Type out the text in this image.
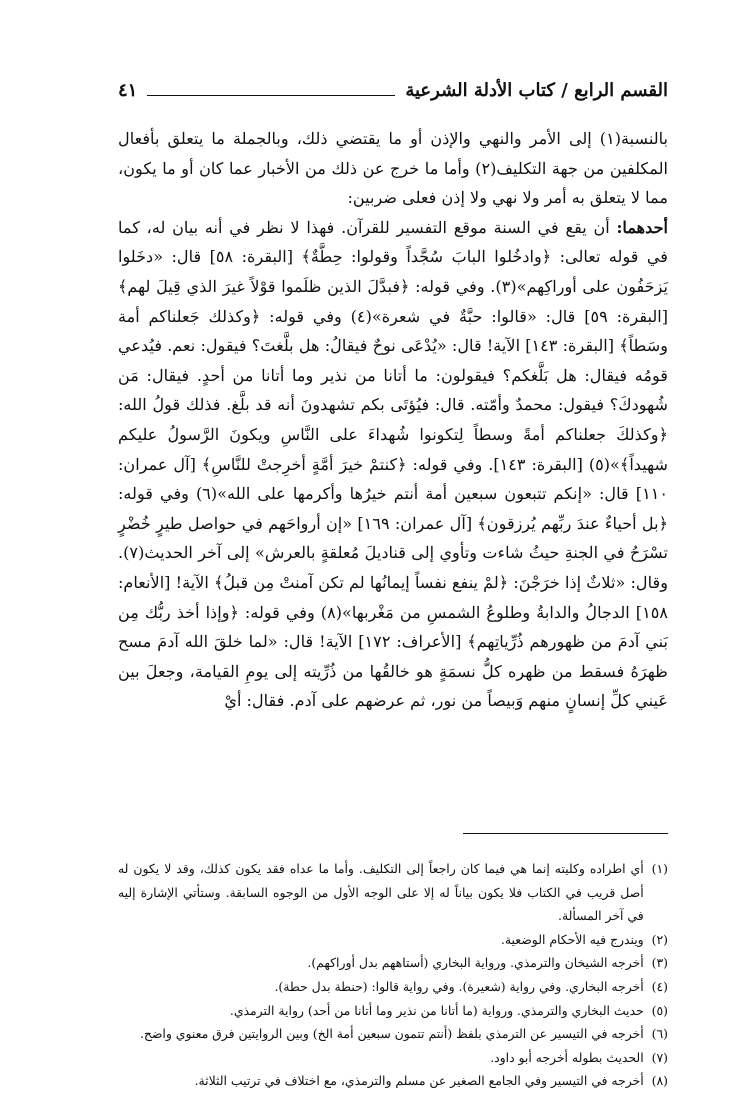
القسم الرابع / كتاب الأدلة الشرعية
٤١

بالنسبة(١) إلى الأمر والنهي والإذن أو ما يقتضي ذلك، وبالجملة ما يتعلق بأفعال المكلفين من جهة التكليف(٢) وأما ما خرج عن ذلك من الأخبار عما كان أو ما يكون، مما لا يتعلق به أمر ولا نهي ولا إذن فعلى ضربين:

أحدهما: أن يقع في السنة موقع التفسير للقرآن. فهذا لا نظر في أنه بيان له، كما في قوله تعالى: ﴿وادخُلوا البابَ سُجَّداً وقولوا: حِطَّةٌ﴾ [البقرة: ٥٨] قال: «دخَلوا يَزحَفُون على أوراكِهم»(٣). وفي قوله: ﴿فبدَّلَ الذين ظلَموا قوْلاً غيرَ الذي قِيلَ لهم﴾ [البقرة: ٥٩] قال: «قالوا: حبَّةٌ في شعرة»(٤) وفي قوله: ﴿وكذلك جَعلناكم أمة وسَطاً﴾ [البقرة: ١٤٣] الآية! قال: «يُدْعَى نوحٌ فيقالُ: هل بلَّغتَ؟ فيقول: نعم. فيُدعي قومُه فيقال: هل بَلَّغكم؟ فيقولون: ما أتانا من نذير وما أتانا من أحدٍ. فيقال: مَن شُهودكَ؟ فيقول: محمدٌ وأمّته. قال: فيُؤتَى بكم تشهدونَ أنه قد بلَّغ. فذلك قولُ الله: ﴿وكذلكَ جعلناكم أمةً وسطاً لِتكونوا شُهداءَ على النَّاسِ ويكونَ الرَّسولُ عليكم شهيداً﴾»(٥) [البقرة: ١٤٣]. وفي قوله: ﴿كنتمْ خيرَ أمَّةٍ أخرِجتْ للنَّاسِ﴾ [آل عمران: ١١٠] قال: «إنكم تتبعون سبعين أمة أنتم خيرُها وأكرمها على الله»(٦) وفي قوله: ﴿بل أحياءٌ عندَ ربِّهم يُرزقون﴾ [آل عمران: ١٦٩] «إن أرواحَهم في حواصل طيرٍ خُضْرٍ تسْرَحُ في الجنةِ حيثُ شاءت وتأوي إلى قناديلَ مُعلقةٍ بالعرش» إلى آخر الحديث(٧). وقال: «ثلاثٌ إذا خرَجْنَ: ﴿لمْ ينفع نفساً إيمانُها لم تكن آمنتْ مِن قبلُ﴾ الآية! [الأنعام: ١٥٨] الدجالُ والدابةُ وطلوعُ الشمسِ من مَغْربها»(٨) وفي قوله: ﴿وإذا أخذ ربُّك مِن بَني آدمَ من ظهورهم ذُرِّياتِهم﴾ [الأعراف: ١٧٢] الآية! قال: «لما خلقَ الله آدمَ مسح ظهرَهُ فسقط من ظهره كلُّ نسمَةٍ هو خالقُها من ذُرِّيته إلى يومِ القيامة، وجعلَ بين عَيني كلِّ إنسانٍ منهم وَبيصاً من نور، ثم عرضهم على آدم. فقال: أيْ

(١)
أي اطراده وكليته إنما هي فيما كان راجعاً إلى التكليف. وأما ما عداه فقد يكون كذلك، وقد لا يكون له أصل قريب في الكتاب فلا يكون بياناً له إلا على الوجه الأول من الوجوه السابقة. وستأتي الإشارة إليه في آخر المسألة.
(٢)
ويندرج فيه الأحكام الوضعية.
(٣)
أخرجه الشيخان والترمذي. ورواية البخاري (أستاههم بدل أوراكهم).
(٤)
أخرجه البخاري. وفي رواية (شعيرة). وفي رواية قالوا: (حنطة بدل حطة).
(٥)
حديث البخاري والترمذي. ورواية (ما أتانا من نذير وما أتانا من أحد) رواية الترمذي.
(٦)
أخرجه في التيسير عن الترمذي بلفظ (أنتم تتمون سبعين أمة الخ) وبين الروايتين فرق معنوي واضح.
(٧)
الحديث بطوله أخرجه أبو داود.
(٨)
أخرجه في التيسير وفي الجامع الصغير عن مسلم والترمذي، مع اختلاف في ترتيب الثلاثة.
